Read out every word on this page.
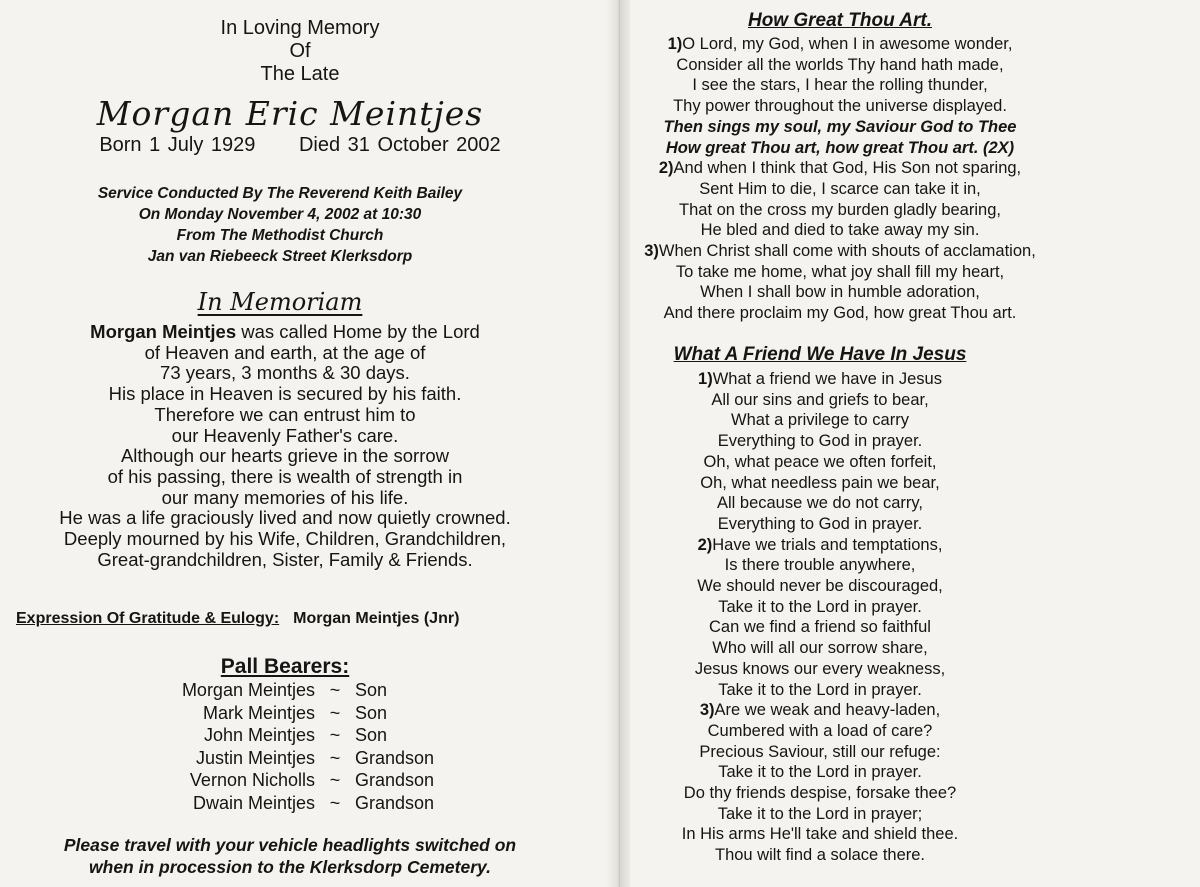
In Loving Memory
Of
The Late
Morgan Eric Meintjes
Born 1 July 1929 Died 31 October 2002
Service Conducted By The Reverend Keith Bailey
On Monday November 4, 2002 at 10:30
From The Methodist Church
Jan van Riebeeck Street Klerksdorp
In Memoriam
Morgan Meintjes was called Home by the Lord
of Heaven and earth, at the age of
73 years, 3 months & 30 days.
His place in Heaven is secured by his faith.
Therefore we can entrust him to
our Heavenly Father's care.
Although our hearts grieve in the sorrow
of his passing, there is wealth of strength in
our many memories of his life.
He was a life graciously lived and now quietly crowned.
Deeply mourned by his Wife, Children, Grandchildren,
Great-grandchildren, Sister, Family & Friends.
Expression Of Gratitude & Eulogy: Morgan Meintjes (Jnr)
Pall Bearers:
Morgan Meintjes ~ Son
Mark Meintjes ~ Son
John Meintjes ~ Son
Justin Meintjes ~ Grandson
Vernon Nicholls ~ Grandson
Dwain Meintjes ~ Grandson
Please travel with your vehicle headlights switched on
when in procession to the Klerksdorp Cemetery.
How Great Thou Art.
1)O Lord, my God, when I in awesome wonder,
Consider all the worlds Thy hand hath made,
I see the stars, I hear the rolling thunder,
Thy power throughout the universe displayed.
Then sings my soul, my Saviour God to Thee
How great Thou art, how great Thou art. (2X)
2)And when I think that God, His Son not sparing,
Sent Him to die, I scarce can take it in,
That on the cross my burden gladly bearing,
He bled and died to take away my sin.
3)When Christ shall come with shouts of acclamation,
To take me home, what joy shall fill my heart,
When I shall bow in humble adoration,
And there proclaim my God, how great Thou art.
What A Friend We Have In Jesus
1)What a friend we have in Jesus
All our sins and griefs to bear,
What a privilege to carry
Everything to God in prayer.
Oh, what peace we often forfeit,
Oh, what needless pain we bear,
All because we do not carry,
Everything to God in prayer.
2)Have we trials and temptations,
Is there trouble anywhere,
We should never be discouraged,
Take it to the Lord in prayer.
Can we find a friend so faithful
Who will all our sorrow share,
Jesus knows our every weakness,
Take it to the Lord in prayer.
3)Are we weak and heavy-laden,
Cumbered with a load of care?
Precious Saviour, still our refuge:
Take it to the Lord in prayer.
Do thy friends despise, forsake thee?
Take it to the Lord in prayer;
In His arms He'll take and shield thee.
Thou wilt find a solace there.
